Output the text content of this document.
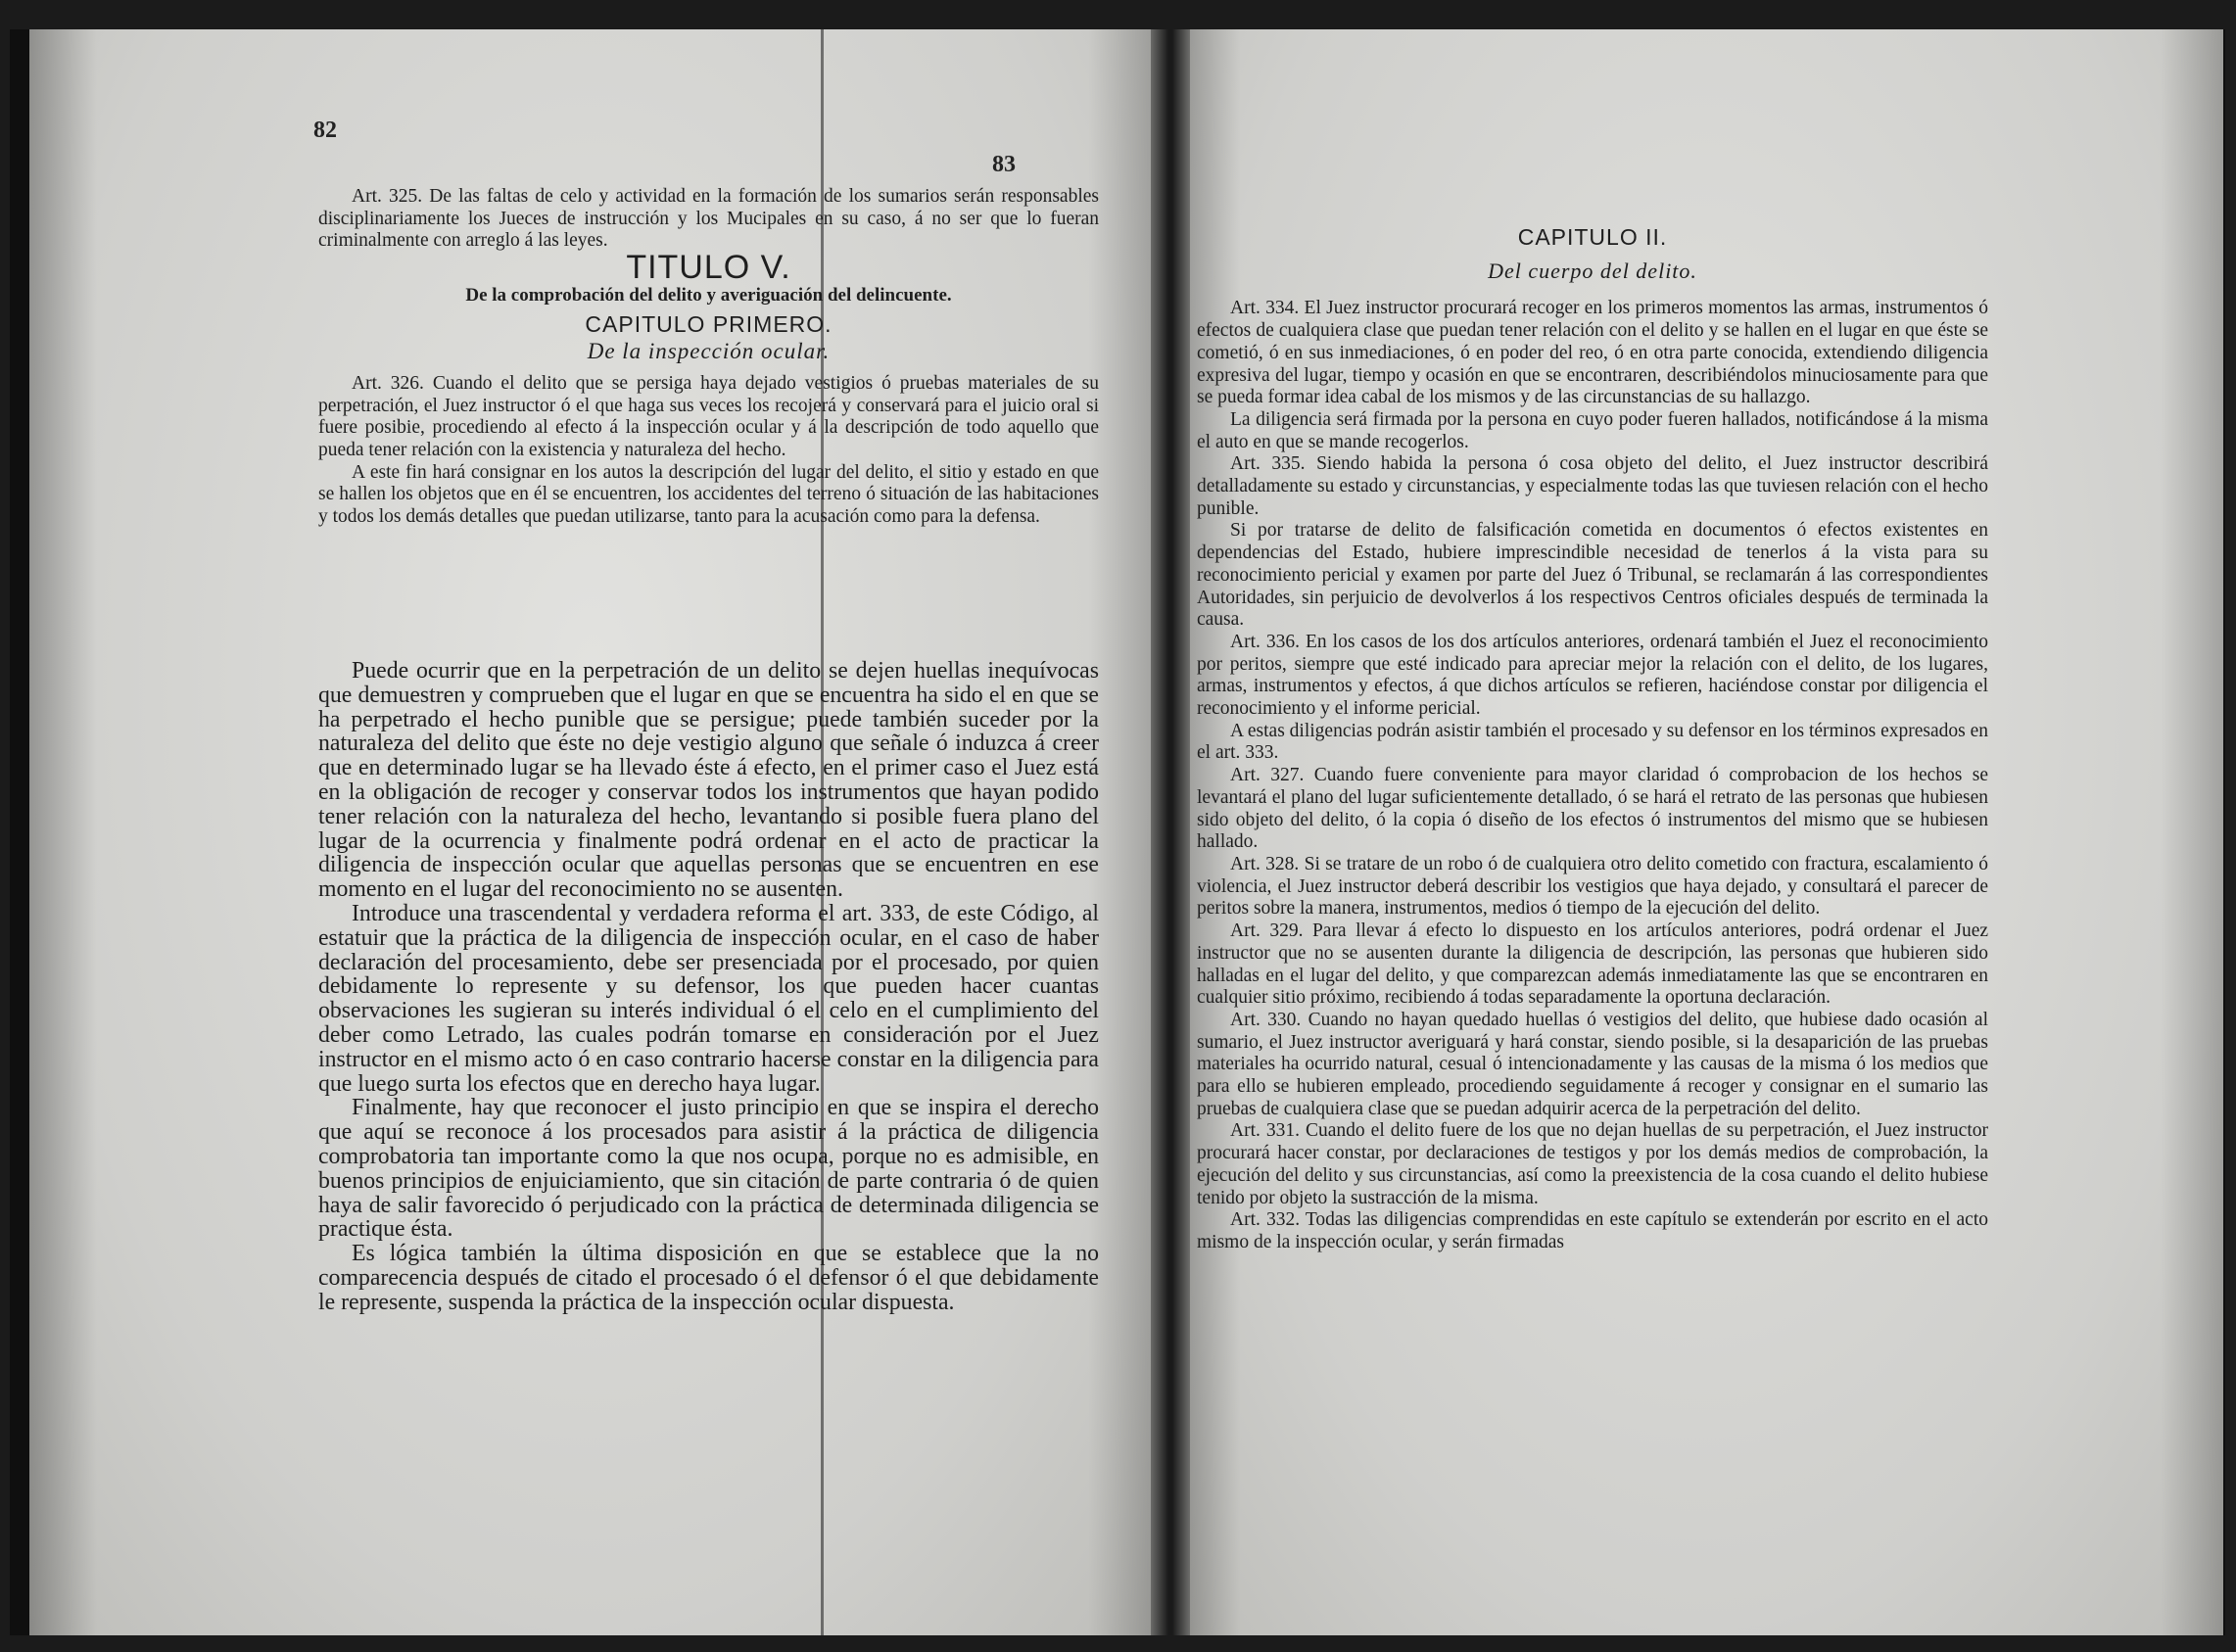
82

Art. 325. De las faltas de celo y actividad en la formación de los sumarios serán responsables disciplinariamente los Jueces de instrucción y los Mucipales en su caso, á no ser que lo fueran criminalmente con arreglo á las leyes.

TITULO V.
De la comprobación del delito y averiguación del delincuente.
CAPITULO PRIMERO.
De la inspección ocular.

Art. 326. Cuando el delito que se persiga haya dejado vestigios ó pruebas materiales de su perpetración, el Juez instructor ó el que haga sus veces los recojerá y conservará para el juicio oral si fuere posibie, procediendo al efecto á la inspección ocular y á la descripción de todo aquello que pueda tener relación con la existencia y naturaleza del hecho.

A este fin hará consignar en los autos la descripción del lugar del delito, el sitio y estado en que se hallen los objetos que en él se encuentren, los accidentes del terreno ó situación de las habitaciones y todos los demás detalles que puedan utilizarse, tanto para la acusación como para la defensa.

Puede ocurrir que en la perpetración de un delito se dejen huellas inequívocas que demuestren y comprueben que el lugar en que se encuentra ha sido el en que se ha perpetrado el hecho punible que se persigue; puede también suceder por la naturaleza del delito que éste no deje vestigio alguno que señale ó induzca á creer que en determinado lugar se ha llevado éste á efecto, en el primer caso el Juez está en la obligación de recoger y conservar todos los instrumentos que hayan podido tener relación con la naturaleza del hecho, levantando si posible fuera plano del lugar de la ocurrencia y finalmente podrá ordenar en el acto de practicar la diligencia de inspección ocular que aquellas personas que se encuentren en ese momento en el lugar del reconocimiento no se ausenten.

Introduce una trascendental y verdadera reforma el art. 333, de este Código, al estatuir que la práctica de la diligencia de inspección ocular, en el caso de haber declaración del procesamiento, debe ser presenciada por el procesado, por quien debidamente lo represente y su defensor, los que pueden hacer cuantas observaciones les sugieran su interés individual ó el celo en el cumplimiento del deber como Letrado, las cuales podrán tomarse en consideración por el Juez instructor en el mismo acto ó en caso contrario hacerse constar en la diligencia para que luego surta los efectos que en derecho haya lugar.

Finalmente, hay que reconocer el justo principio en que se inspira el derecho que aquí se reconoce á los procesados para asistir á la práctica de diligencia comprobatoria tan importante como la que nos ocupa, porque no es admisible, en buenos principios de enjuiciamiento, que sin citación de parte contraria ó de quien haya de salir favorecido ó perjudicado con la práctica de determinada diligencia se practique ésta.

Es lógica también la última disposición en que se establece que la no comparecencia después de citado el procesado ó el defensor ó el que debidamente le represente, suspenda la práctica de la inspección ocular dispuesta.

83
CAPITULO II.
Del cuerpo del delito.

Art. 334. El Juez instructor procurará recoger en los primeros momentos las armas, instrumentos ó efectos de cualquiera clase que puedan tener relación con el delito y se hallen en el lugar en que éste se cometió, ó en sus inmediaciones, ó en poder del reo, ó en otra parte conocida, extendiendo diligencia expresiva del lugar, tiempo y ocasión en que se encontraren, describiéndolos minuciosamente para que se pueda formar idea cabal de los mismos y de las circunstancias de su hallazgo.

La diligencia será firmada por la persona en cuyo poder fueren hallados, notificándose á la misma el auto en que se mande recogerlos.

Art. 335. Siendo habida la persona ó cosa objeto del delito, el Juez instructor describirá detalladamente su estado y circunstancias, y especialmente todas las que tuviesen relación con el hecho punible.

Si por tratarse de delito de falsificación cometida en documentos ó efectos existentes en dependencias del Estado, hubiere imprescindible necesidad de tenerlos á la vista para su reconocimiento pericial y examen por parte del Juez ó Tribunal, se reclamarán á las correspondientes Autoridades, sin perjuicio de devolverlos á los respectivos Centros oficiales después de terminada la causa.

Art. 336. En los casos de los dos artículos anteriores, ordenará también el Juez el reconocimiento por peritos, siempre que esté indicado para apreciar mejor la relación con el delito, de los lugares, armas, instrumentos y efectos, á que dichos artículos se refieren, haciéndose constar por diligencia el reconocimiento y el informe pericial.

A estas diligencias podrán asistir también el procesado y su defensor en los términos expresados en el art. 333.

Art. 327. Cuando fuere conveniente para mayor claridad ó comprobacion de los hechos se levantará el plano del lugar suficientemente detallado, ó se hará el retrato de las personas que hubiesen sido objeto del delito, ó la copia ó diseño de los efectos ó instrumentos del mismo que se hubiesen hallado.

Art. 328. Si se tratare de un robo ó de cualquiera otro delito cometido con fractura, escalamiento ó violencia, el Juez instructor deberá describir los vestigios que haya dejado, y consultará el parecer de peritos sobre la manera, instrumentos, medios ó tiempo de la ejecución del delito.

Art. 329. Para llevar á efecto lo dispuesto en los artículos anteriores, podrá ordenar el Juez instructor que no se ausenten durante la diligencia de descripción, las personas que hubieren sido halladas en el lugar del delito, y que comparezcan además inmediatamente las que se encontraren en cualquier sitio próximo, recibiendo á todas separadamente la oportuna declaración.

Art. 330. Cuando no hayan quedado huellas ó vestigios del delito, que hubiese dado ocasión al sumario, el Juez instructor averiguará y hará constar, siendo posible, si la desaparición de las pruebas materiales ha ocurrido natural, cesual ó intencionadamente y las causas de la misma ó los medios que para ello se hubieren empleado, procediendo seguidamente á recoger y consignar en el sumario las pruebas de cualquiera clase que se puedan adquirir acerca de la perpetración del delito.

Art. 331. Cuando el delito fuere de los que no dejan huellas de su perpetración, el Juez instructor procurará hacer constar, por declaraciones de testigos y por los demás medios de comprobación, la ejecución del delito y sus circunstancias, así como la preexistencia de la cosa cuando el delito hubiese tenido por objeto la sustracción de la misma.

Art. 332. Todas las diligencias comprendidas en este capítulo se extenderán por escrito en el acto mismo de la inspección ocular, y serán firmadas
